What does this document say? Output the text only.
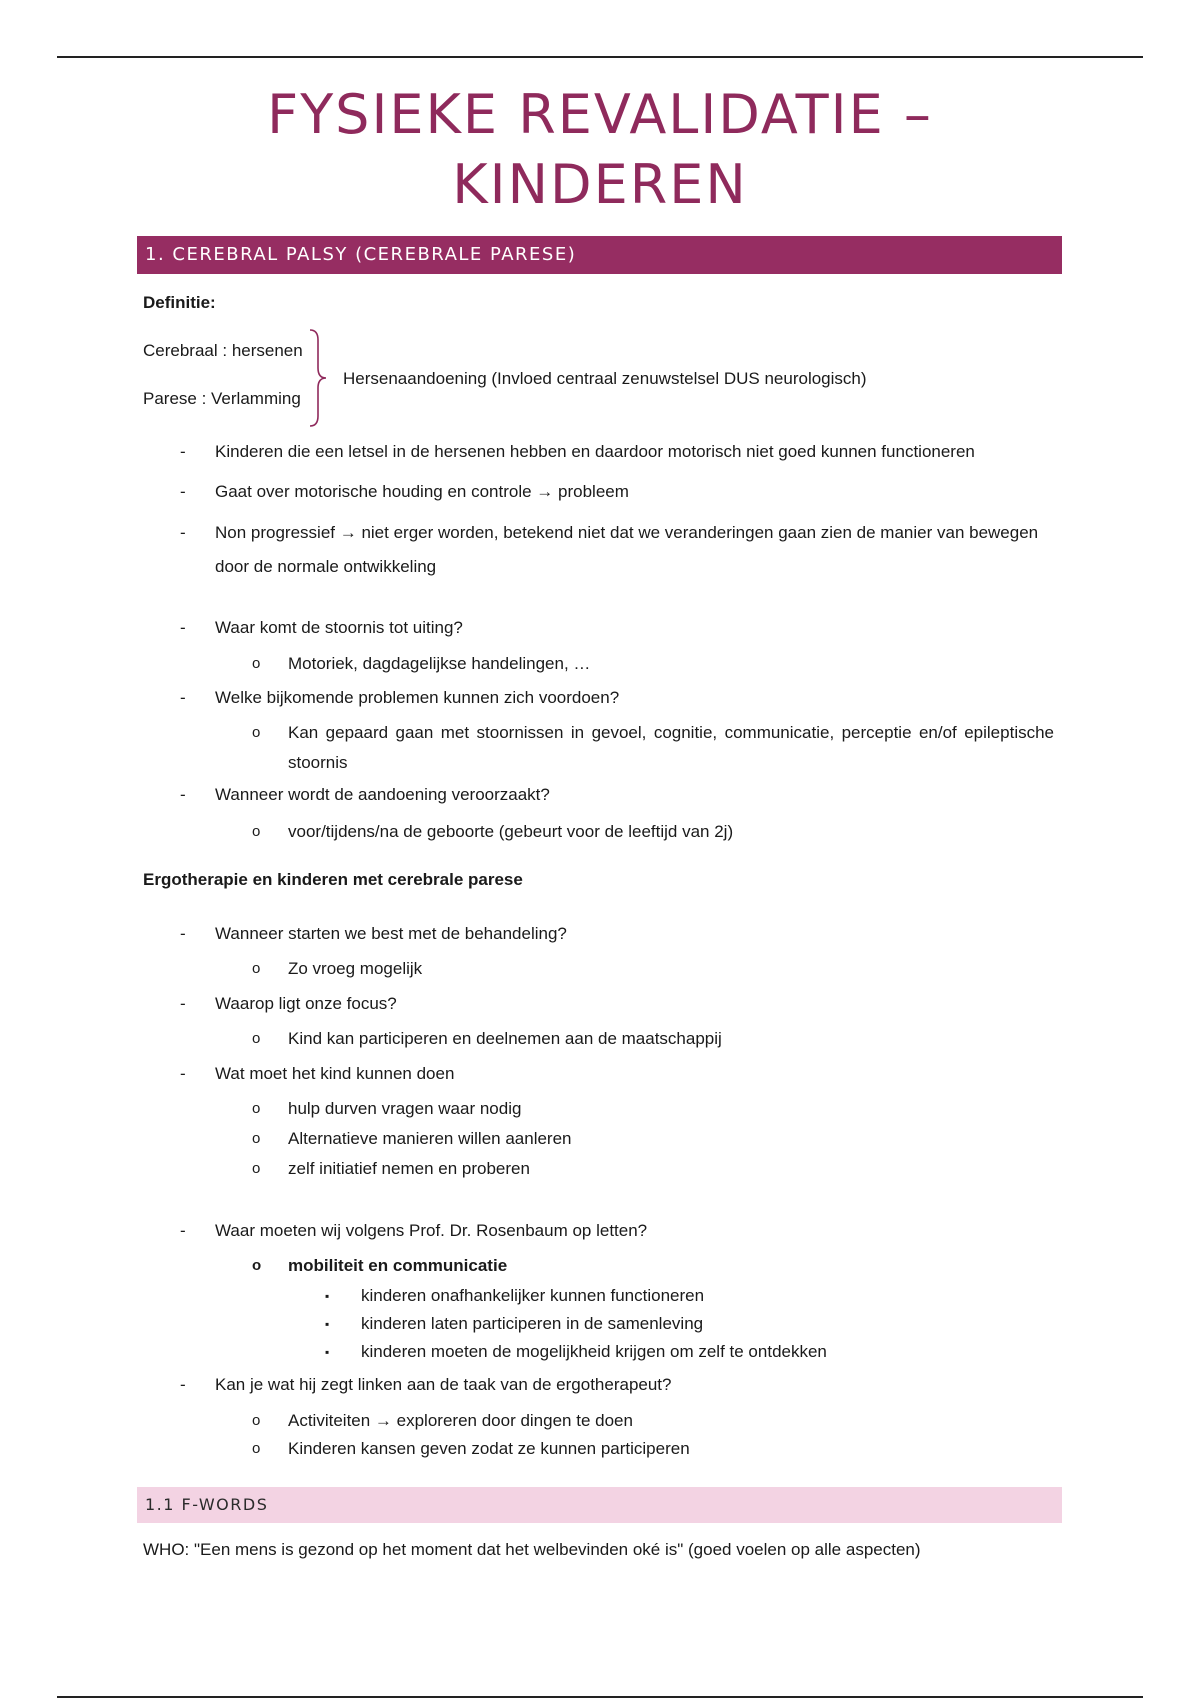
FYSIEKE REVALIDATIE –
KINDEREN
1. CEREBRAL PALSY (CEREBRALE PARESE)
Definitie:
Cerebraal : hersenen
Parese : Verlamming
Hersenaandoening (Invloed centraal zenuwstelsel DUS neurologisch)
- Kinderen die een letsel in de hersenen hebben en daardoor motorisch niet goed kunnen functioneren
- Gaat over motorische houding en controle → probleem
- Non progressief → niet erger worden, betekend niet dat we veranderingen gaan zien de manier van bewegen door de normale ontwikkeling
- Waar komt de stoornis tot uiting?
o Motoriek, dagdagelijkse handelingen, …
- Welke bijkomende problemen kunnen zich voordoen?
o Kan gepaard gaan met stoornissen in gevoel, cognitie, communicatie, perceptie en/of epileptische stoornis
- Wanneer wordt de aandoening veroorzaakt?
o voor/tijdens/na de geboorte (gebeurt voor de leeftijd van 2j)
Ergotherapie en kinderen met cerebrale parese
- Wanneer starten we best met de behandeling?
o Zo vroeg mogelijk
- Waarop ligt onze focus?
o Kind kan participeren en deelnemen aan de maatschappij
- Wat moet het kind kunnen doen
o hulp durven vragen waar nodig
o Alternatieve manieren willen aanleren
o zelf initiatief nemen en proberen
- Waar moeten wij volgens Prof. Dr. Rosenbaum op letten?
o mobiliteit en communicatie
▪ kinderen onafhankelijker kunnen functioneren
▪ kinderen laten participeren in de samenleving
▪ kinderen moeten de mogelijkheid krijgen om zelf te ontdekken
- Kan je wat hij zegt linken aan de taak van de ergotherapeut?
o Activiteiten → exploreren door dingen te doen
o Kinderen kansen geven zodat ze kunnen participeren
1.1 F-WORDS
WHO: "Een mens is gezond op het moment dat het welbevinden oké is" (goed voelen op alle aspecten)
